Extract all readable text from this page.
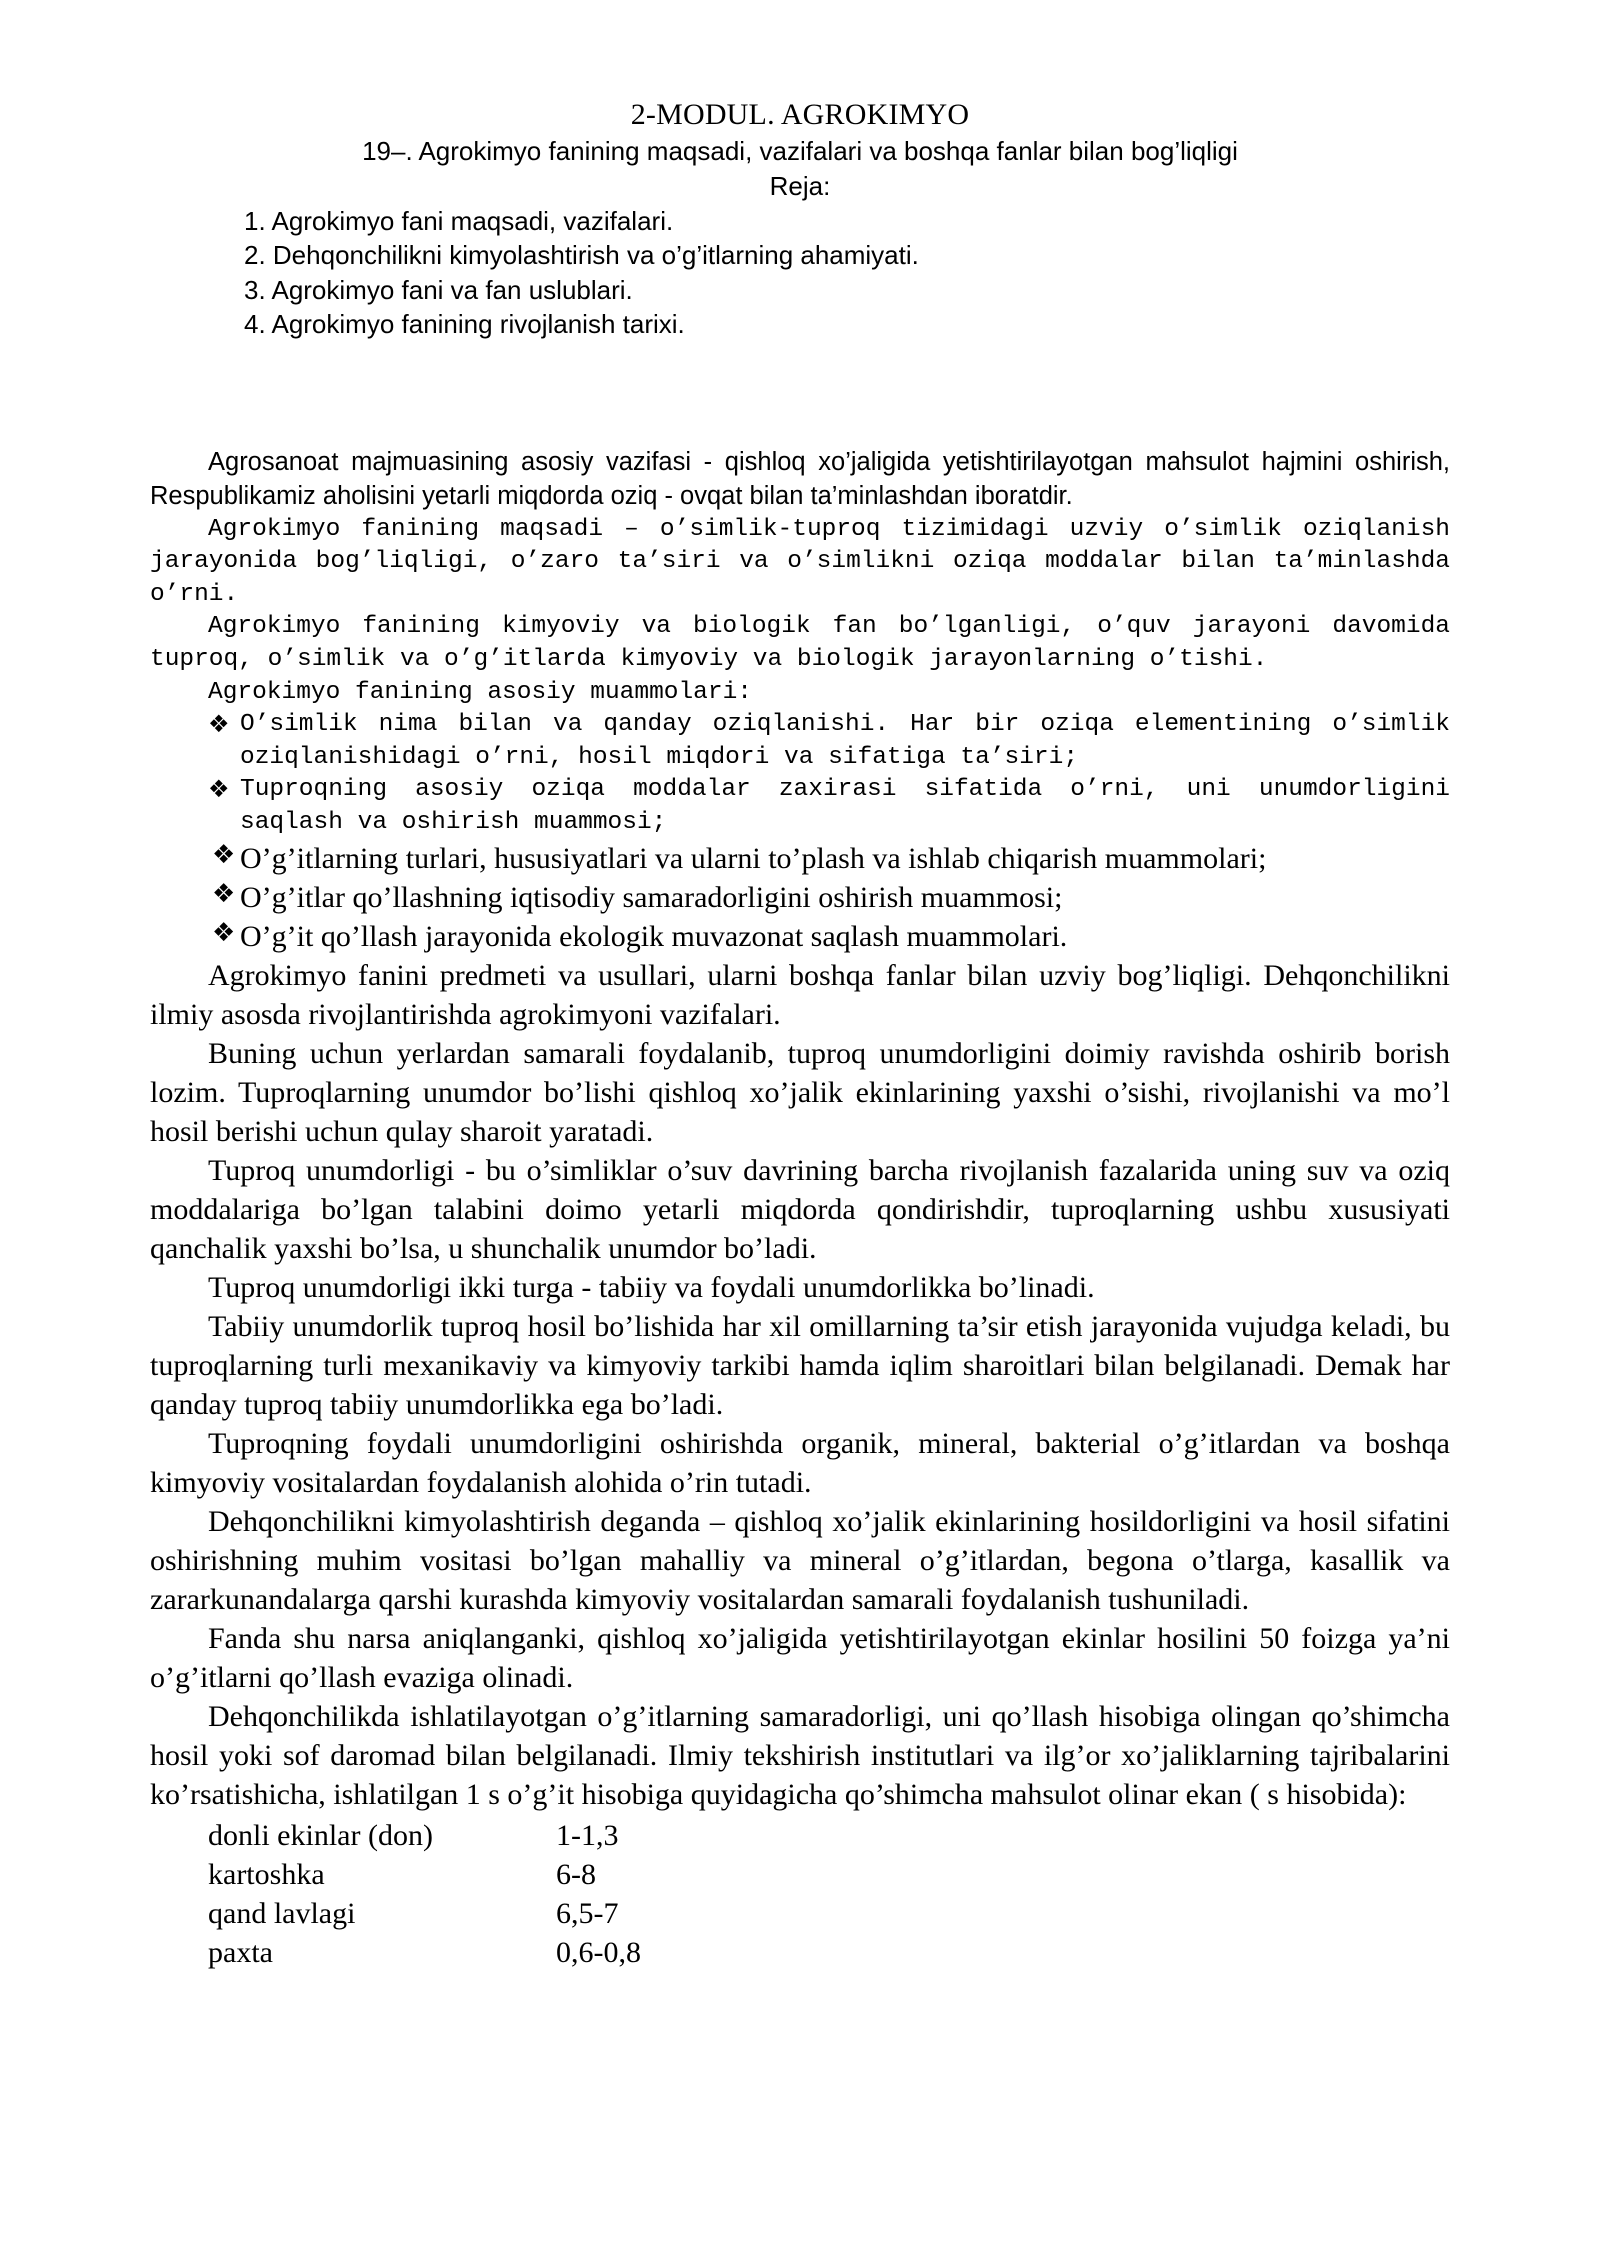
2-MODUL. AGROKIMYO
19–. Agrokimyo fanining maqsadi, vazifalari va boshqa fanlar bilan bog’liqligi
Reja:
1. Agrokimyo fani maqsadi, vazifalari.
2. Dehqonchilikni kimyolashtirish va o’g’itlarning ahamiyati.
3. Agrokimyo fani va fan uslublari.
4. Agrokimyo fanining rivojlanish tarixi.

Agrosanoat majmuasining asosiy vazifasi - qishloq xo’jaligida yetishtirilayotgan mahsulot hajmini oshirish, Respublikamiz aholisini yetarli miqdorda oziq - ovqat bilan ta’minlashdan iboratdir.

Agrokimyo fanining maqsadi – o’simlik-tuproq tizimidagi uzviy o’simlik oziqlanish jarayonida bog’liqligi, o’zaro ta’siri va o’simlikni oziqa moddalar bilan ta’minlashda o’rni.

Agrokimyo fanining kimyoviy va biologik fan bo’lganligi, o’quv jarayoni davomida tuproq, o’simlik va o’g’itlarda kimyoviy va biologik jarayonlarning o’tishi.

Agrokimyo fanining asosiy muammolari:

❖ O’simlik nima bilan va qanday oziqlanishi. Har bir oziqa elementining o’simlik oziqlanishidagi o’rni, hosil miqdori va sifatiga ta’siri;
❖ Tuproqning asosiy oziqa moddalar zaxirasi sifatida o’rni, uni unumdorligini saqlash va oshirish muammosi;
❖ O’g’itlarning turlari, hususiyatlari va ularni to’plash va ishlab chiqarish muammolari;
❖ O’g’itlar qo’llashning iqtisodiy samaradorligini oshirish muammosi;
❖ O’g’it qo’llash jarayonida ekologik muvazonat saqlash muammolari.

Agrokimyo fanini predmeti va usullari, ularni boshqa fanlar bilan uzviy bog’liqligi. Dehqonchilikni ilmiy asosda rivojlantirishda agrokimyoni vazifalari.

Buning uchun yerlardan samarali foydalanib, tuproq unumdorligini doimiy ravishda oshirib borish lozim. Tuproqlarning unumdor bo’lishi qishloq xo’jalik ekinlarining yaxshi o’sishi, rivojlanishi va mo’l hosil berishi uchun qulay sharoit yaratadi.

Tuproq unumdorligi - bu o’simliklar o’suv davrining barcha rivojlanish fazalarida uning suv va oziq moddalariga bo’lgan talabini doimo yetarli miqdorda qondirishdir, tuproqlarning ushbu xususiyati qanchalik yaxshi bo’lsa, u shunchalik unumdor bo’ladi.

Tuproq unumdorligi ikki turga - tabiiy va foydali unumdorlikka bo’linadi.

Tabiiy unumdorlik tuproq hosil bo’lishida har xil omillarning ta’sir etish jarayonida vujudga keladi, bu tuproqlarning turli mexanikaviy va kimyoviy tarkibi hamda iqlim sharoitlari bilan belgilanadi. Demak har qanday tuproq tabiiy unumdorlikka ega bo’ladi.

Tuproqning foydali unumdorligini oshirishda organik, mineral, bakterial o’g’itlardan va boshqa kimyoviy vositalardan foydalanish alohida o’rin tutadi.

Dehqonchilikni kimyolashtirish deganda – qishloq xo’jalik ekinlarining hosildorligini va hosil sifatini oshirishning muhim vositasi bo’lgan mahalliy va mineral o’g’itlardan, begona o’tlarga, kasallik va zararkunandalarga qarshi kurashda kimyoviy vositalardan samarali foydalanish tushuniladi.

Fanda shu narsa aniqlanganki, qishloq xo’jaligida yetishtirilayotgan ekinlar hosilini 50 foizga ya’ni o’g’itlarni qo’llash evaziga olinadi.

Dehqonchilikda ishlatilayotgan o’g’itlarning samaradorligi, uni qo’llash hisobiga olingan qo’shimcha hosil yoki sof daromad bilan belgilanadi. Ilmiy tekshirish institutlari va ilg’or xo’jaliklarning tajribalarini ko’rsatishicha, ishlatilgan 1 s o’g’it hisobiga quyidagicha qo’shimcha mahsulot olinar ekan ( s hisobida):

donli ekinlar (don)	1-1,3
kartoshka	6-8
qand lavlagi	6,5-7
paxta	0,6-0,8
